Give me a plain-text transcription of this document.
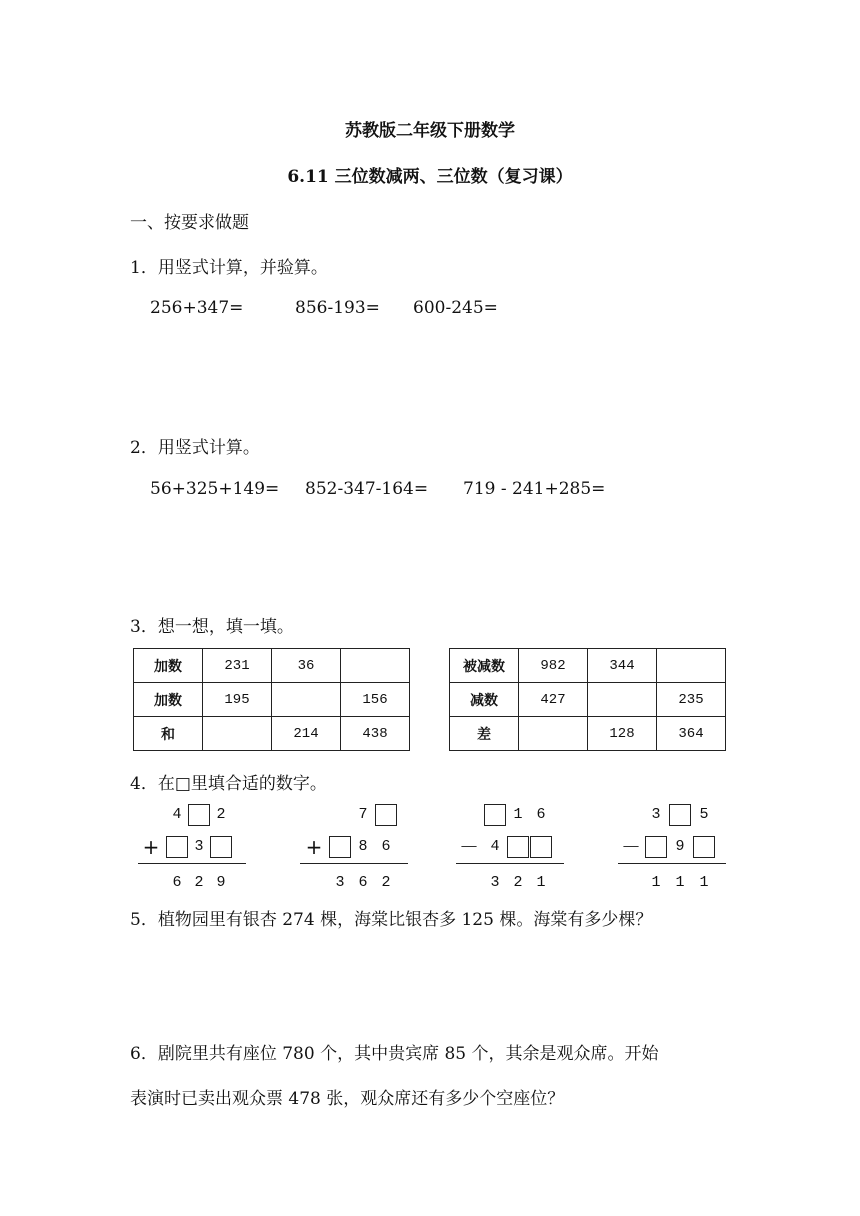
苏教版二年级下册数学
6.11 三位数减两、三位数（复习课）
一、按要求做题
1．用竖式计算，并验算。
256+347=	856-193= 600-245=
2．用竖式计算。
56+325+149= 852-347-164= 719 - 241+285=
3．想一想，填一填。
加数	231	36	
加数	195		156
和		214	438
被减数	982	344	
减数	427		235
差		128	364
4．在□里填合适的数字。
4	2
+	3
6 2 9
7
+	8 6
3 6 2
1 6
－ 4
3 2 1
3	5
－	9
1 1 1
5．植物园里有银杏 274 棵，海棠比银杏多 125 棵。海棠有多少棵？
6．剧院里共有座位 780 个，其中贵宾席 85 个，其余是观众席。开始
表演时已卖出观众票 478 张，观众席还有多少个空座位？
